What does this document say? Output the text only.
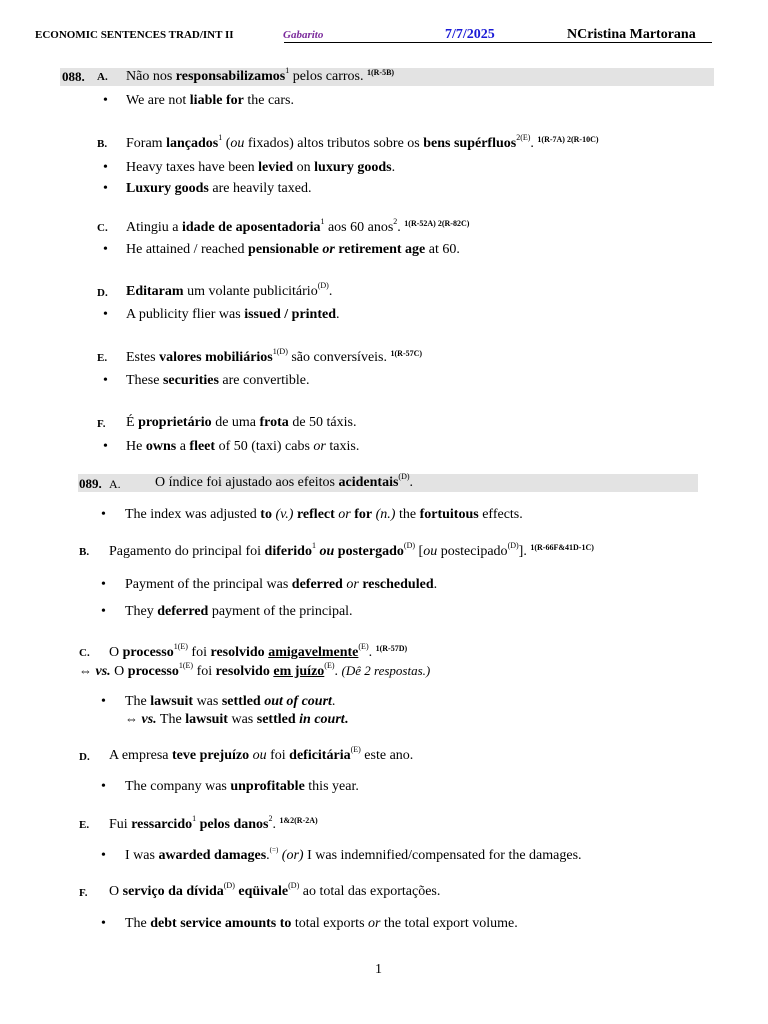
ECONOMIC SENTENCES TRAD/INT II	Gabarito	7/7/2025	NCristina Martorana
088. A. Não nos responsabilizamos$^1$ pelos carros. $^{1(R-5B)}$
• We are not liable for the cars.
B. Foram lançados$^1$ (ou fixados) altos tributos sobre os bens supérfluos$^{2(E)}$. $^{1(R-7A) 2(R-10C)}$
• Heavy taxes have been levied on luxury goods.
• Luxury goods are heavily taxed.
C. Atingiu a idade de aposentadoria$^1$ aos 60 anos$^2$. $^{1(R-52A) 2(R-82C)}$
• He attained / reached pensionable or retirement age at 60.
D. Editaram um volante publicitário$^{(D)}$.
• A publicity flier was issued / printed.
E. Estes valores mobiliários$^{1(D)}$ são conversíveis. $^{1(R-57C)}$
• These securities are convertible.
F. É proprietário de uma frota de 50 táxis.
• He owns a fleet of 50 (taxi) cabs or taxis.
089. A. O índice foi ajustado aos efeitos acidentais$^{(D)}$.
• The index was adjusted to (v.) reflect or for (n.) the fortuitous effects.
B. Pagamento do principal foi diferido$^1$ ou postergado$^{(D)}$ [ou postecipado$^{(D)}$]. $^{1(R-66F\&41D-1C)}$
• Payment of the principal was deferred or rescheduled.
• They deferred payment of the principal.
C. O processo$^{1(E)}$ foi resolvido amigavelmente$^{(E)}$. $^{1(R-57D)}$
⇔ vs. O processo$^{1(E)}$ foi resolvido em juízo$^{(E)}$. (Dê 2 respostas.)
• The lawsuit was settled out of court.
⇔ vs. The lawsuit was settled in court.
D. A empresa teve prejuízo ou foi deficitária$^{(E)}$ este ano.
• The company was unprofitable this year.
E. Fui ressarcido$^1$ pelos danos$^2$. $^{1\&2(R-2A)}$
• I was awarded damages.(=) (or) I was indemnified/compensated for the damages.
F. O serviço da dívida$^{(D)}$ eqüivale$^{(D)}$ ao total das exportações.
• The debt service amounts to total exports or the total export volume.
1
